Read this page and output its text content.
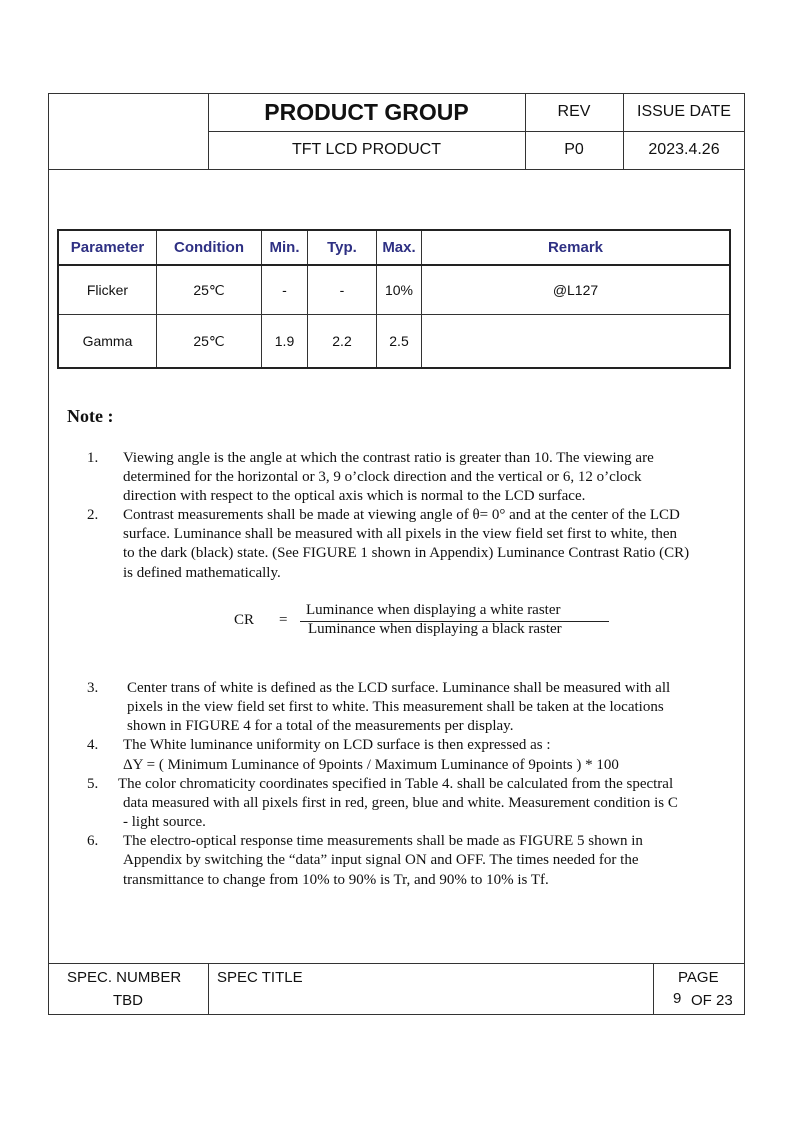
PRODUCT GROUP	REV	ISSUE DATE
TFT LCD PRODUCT	P0	2023.4.26
Parameter	Condition	Min.	Typ.	Max.	Remark
Flicker	25℃	-	-	10%	@L127
Gamma	25℃	1.9	2.2	2.5	
Note :
1. Viewing angle is the angle at which the contrast ratio is greater than 10. The viewing are
determined for the horizontal or 3, 9 o’clock direction and the vertical or 6, 12 o’clock
direction with respect to the optical axis which is normal to the LCD surface.
2. Contrast measurements shall be made at viewing angle of θ= 0° and at the center of the LCD
surface. Luminance shall be measured with all pixels in the view field set first to white, then
to the dark (black) state. (See FIGURE 1 shown in Appendix) Luminance Contrast Ratio (CR)
is defined mathematically.
CR =
Luminance when displaying a white raster
Luminance when displaying a black raster
3. Center trans of white is defined as the LCD surface. Luminance shall be measured with all
pixels in the view field set first to white. This measurement shall be taken at the locations
shown in FIGURE 4 for a total of the measurements per display.
4. The White luminance uniformity on LCD surface is then expressed as :
ΔY = ( Minimum Luminance of 9points / Maximum Luminance of 9points ) * 100
5. The color chromaticity coordinates specified in Table 4. shall be calculated from the spectral
data measured with all pixels first in red, green, blue and white. Measurement condition is C
- light source.
6. The electro-optical response time measurements shall be made as FIGURE 5 shown in
Appendix by switching the “data” input signal ON and OFF. The times needed for the
transmittance to change from 10% to 90% is Tr, and 90% to 10% is Tf.
SPEC. NUMBER
TBD
SPEC TITLE	PAGE
9 OF 23
